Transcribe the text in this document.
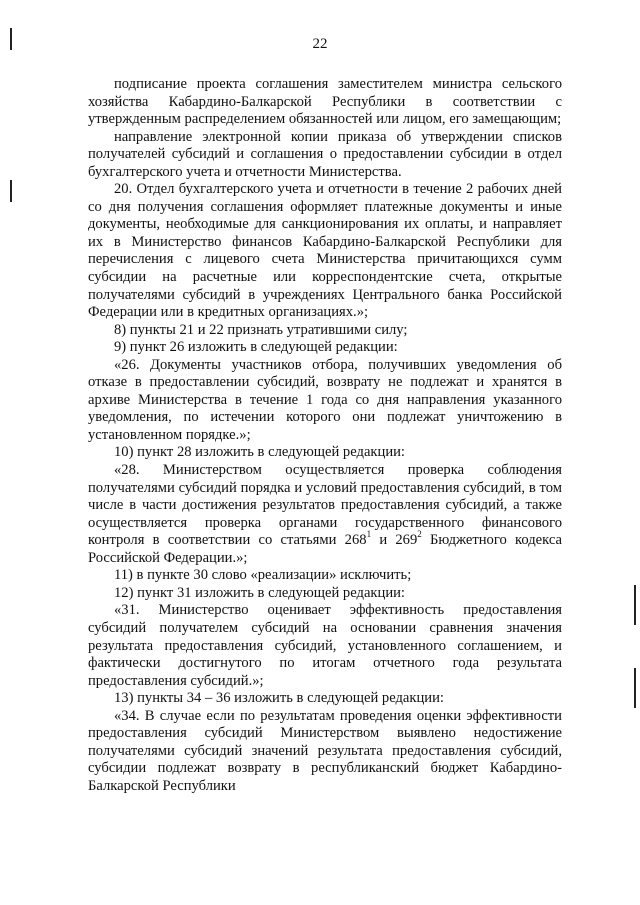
22

подписание проекта соглашения заместителем министра сельского хозяйства Кабардино-Балкарской Республики в соответствии с утвержденным распределением обязанностей или лицом, его замещающим;

направление электронной копии приказа об утверждении списков получателей субсидий и соглашения о предоставлении субсидии в отдел бухгалтерского учета и отчетности Министерства.

20. Отдел бухгалтерского учета и отчетности в течение 2 рабочих дней со дня получения соглашения оформляет платежные документы и иные документы, необходимые для санкционирования их оплаты, и направляет их в Министерство финансов Кабардино-Балкарской Республики для перечисления с лицевого счета Министерства причитающихся сумм субсидии на расчетные или корреспондентские счета, открытые получателями субсидий в учреждениях Центрального банка Российской Федерации или в кредитных организациях.»;

8) пункты 21 и 22 признать утратившими силу;

9) пункт 26 изложить в следующей редакции:

«26. Документы участников отбора, получивших уведомления об отказе в предоставлении субсидий, возврату не подлежат и хранятся в архиве Министерства в течение 1 года со дня направления указанного уведомления, по истечении которого они подлежат уничтожению в установленном порядке.»;

10) пункт 28 изложить в следующей редакции:

«28. Министерством осуществляется проверка соблюдения получателями субсидий порядка и условий предоставления субсидий, в том числе в части достижения результатов предоставления субсидий, а также осуществляется проверка органами государственного финансового контроля в соответствии со статьями $268^1$ и $269^2$ Бюджетного кодекса Российской Федерации.»;

11) в пункте 30 слово «реализации» исключить;

12) пункт 31 изложить в следующей редакции:

«31. Министерство оценивает эффективность предоставления субсидий получателем субсидий на основании сравнения значения результата предоставления субсидий, установленного соглашением, и фактически достигнутого по итогам отчетного года результата предоставления субсидий.»;

13) пункты 34 – 36 изложить в следующей редакции:

«34. В случае если по результатам проведения оценки эффективности предоставления субсидий Министерством выявлено недостижение получателями субсидий значений результата предоставления субсидий, субсидии подлежат возврату в республиканский бюджет Кабардино-Балкарской Республики
